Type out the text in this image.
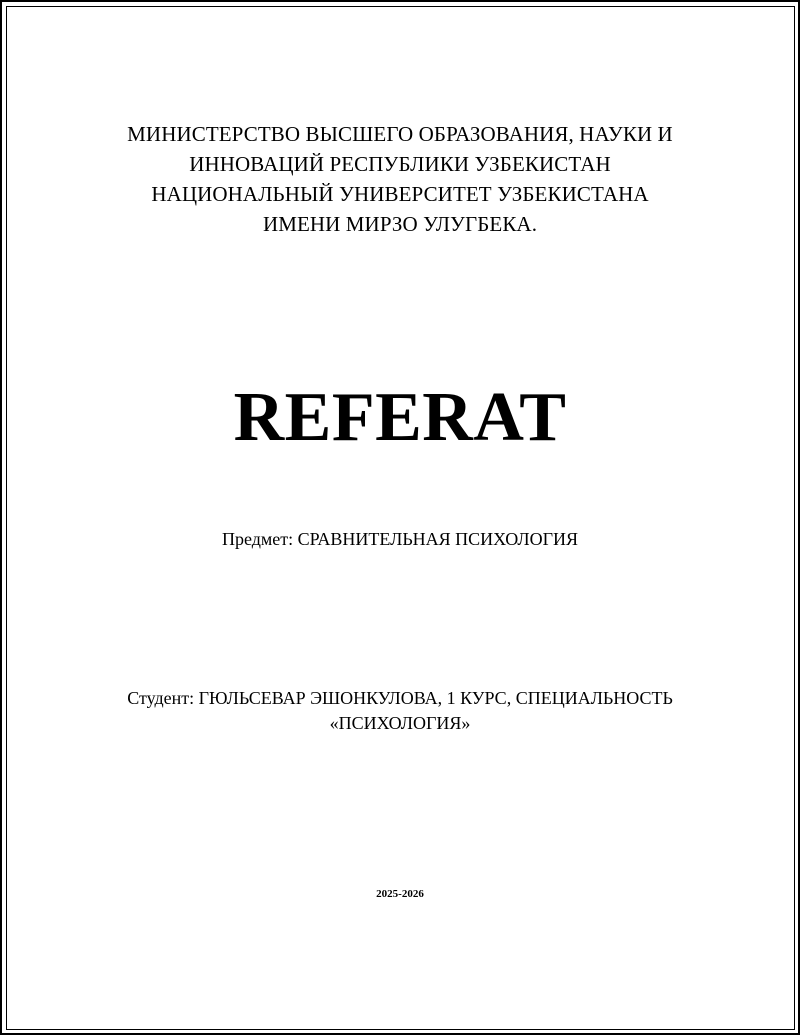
МИНИСТЕРСТВО ВЫСШЕГО ОБРАЗОВАНИЯ, НАУКИ И
ИННОВАЦИЙ РЕСПУБЛИКИ УЗБЕКИСТАН
НАЦИОНАЛЬНЫЙ УНИВЕРСИТЕТ УЗБЕКИСТАНА
ИМЕНИ МИРЗО УЛУГБЕКА.
REFERAT
Предмет: СРАВНИТЕЛЬНАЯ ПСИХОЛОГИЯ
Студент: ГЮЛЬСЕВАР ЭШОНКУЛОВА, 1 КУРС, СПЕЦИАЛЬНОСТЬ
«ПСИХОЛОГИЯ»
2025-2026
